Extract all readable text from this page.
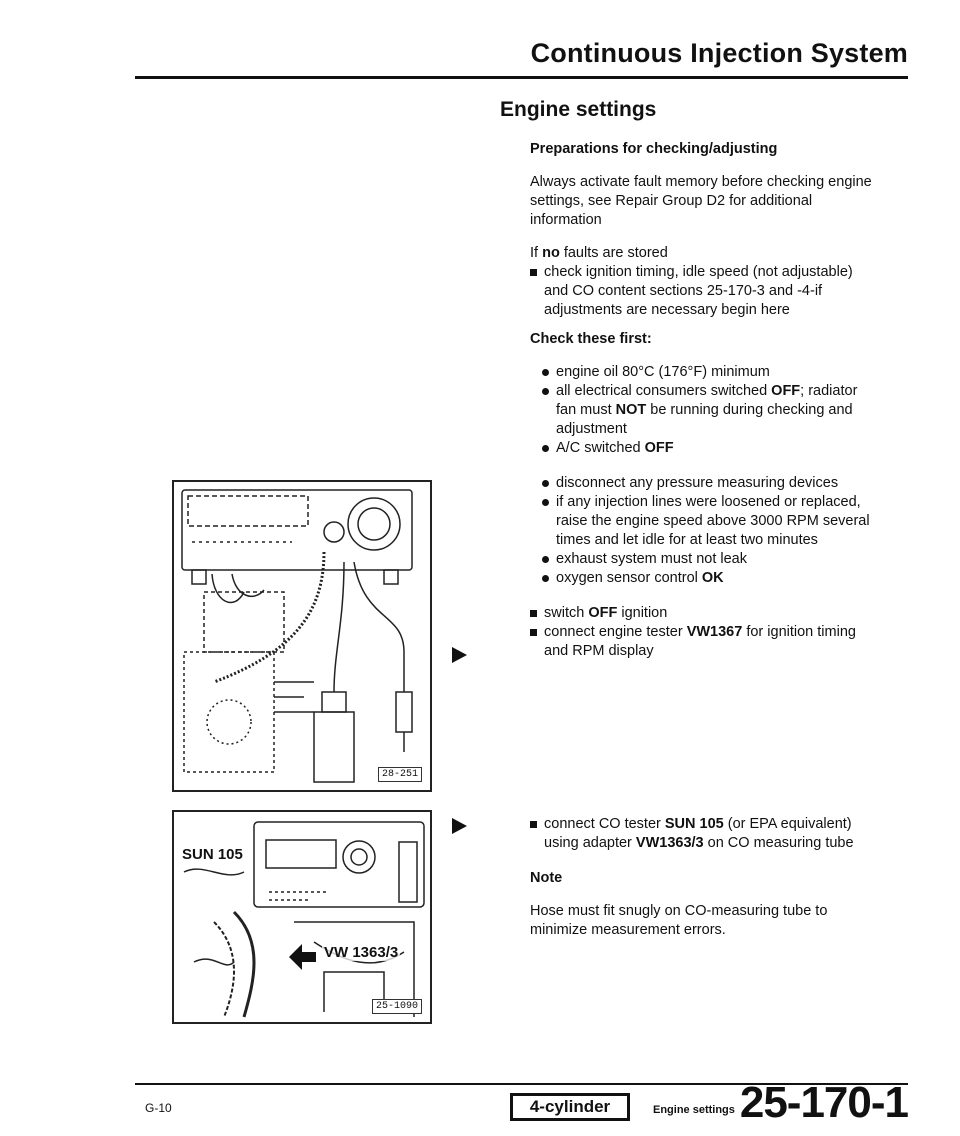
Continuous Injection System
Engine settings

Preparations for checking/adjusting

Always activate fault memory before checking engine settings, see Repair Group D2 for additional information

If no faults are stored

check ignition timing, idle speed (not adjustable) and CO content sections 25-170-3 and -4-if adjustments are necessary begin here

Check these first:

engine oil 80°C (176°F) minimum
all electrical consumers switched OFF; radiator fan must NOT be running during checking and adjustment
A/C switched OFF
disconnect any pressure measuring devices
if any injection lines were loosened or replaced, raise the engine speed above 3000 RPM several times and let idle for at least two minutes
exhaust system must not leak
oxygen sensor control OK
switch OFF ignition
connect engine tester VW1367 for ignition timing and RPM display
connect CO tester SUN 105 (or EPA equivalent) using adapter VW1363/3 on CO measuring tube

Note

Hose must fit snugly on CO-measuring tube to minimize measurement errors.

28-251
SUN 105
VW 1363/3
25-1090
G-10	4-cylinder	Engine settings 25-170-1
